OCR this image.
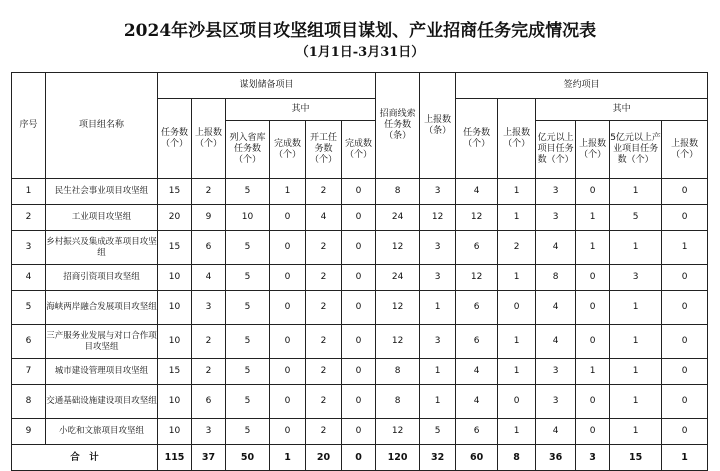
2024年沙县区项目攻坚组项目谋划、产业招商任务完成情况表
（1月1日-3月31日）
序号	项目组名称	谋划储备项目						招商线索任务数（条）	上报数（条）	签约项目					
		任务数（个）	上报数（个）	其中						任务数（个）	上报数（个）	其中			
				列入省库任务数（个）	完成数（个）	开工任务数（个）	完成数（个）					亿元以上项目任务数（个）	上报数（个）	5亿元以上产业项目任务数（个）	上报数（个）
1	民生社会事业项目攻坚组	15	2	5	1	2	0	8	3	4	1	3	0	1	0
2	工业项目攻坚组	20	9	10	0	4	0	24	12	12	1	3	1	5	0
3	乡村振兴及集成改革项目攻坚组	15	6	5	0	2	0	12	3	6	2	4	1	1	1
4	招商引资项目攻坚组	10	4	5	0	2	0	24	3	12	1	8	0	3	0
5	海峡两岸融合发展项目攻坚组	10	3	5	0	2	0	12	1	6	0	4	0	1	0
6	三产服务业发展与对口合作项目攻坚组	10	2	5	0	2	0	12	3	6	1	4	0	1	0
7	城市建设管理项目攻坚组	15	2	5	0	2	0	8	1	4	1	3	1	1	0
8	交通基础设施建设项目攻坚组	10	6	5	0	2	0	8	1	4	0	3	0	1	0
9	小吃和文旅项目攻坚组	10	3	5	0	2	0	12	5	6	1	4	0	1	0
合　计		115	37	50	1	20	0	120	32	60	8	36	3	15	1
